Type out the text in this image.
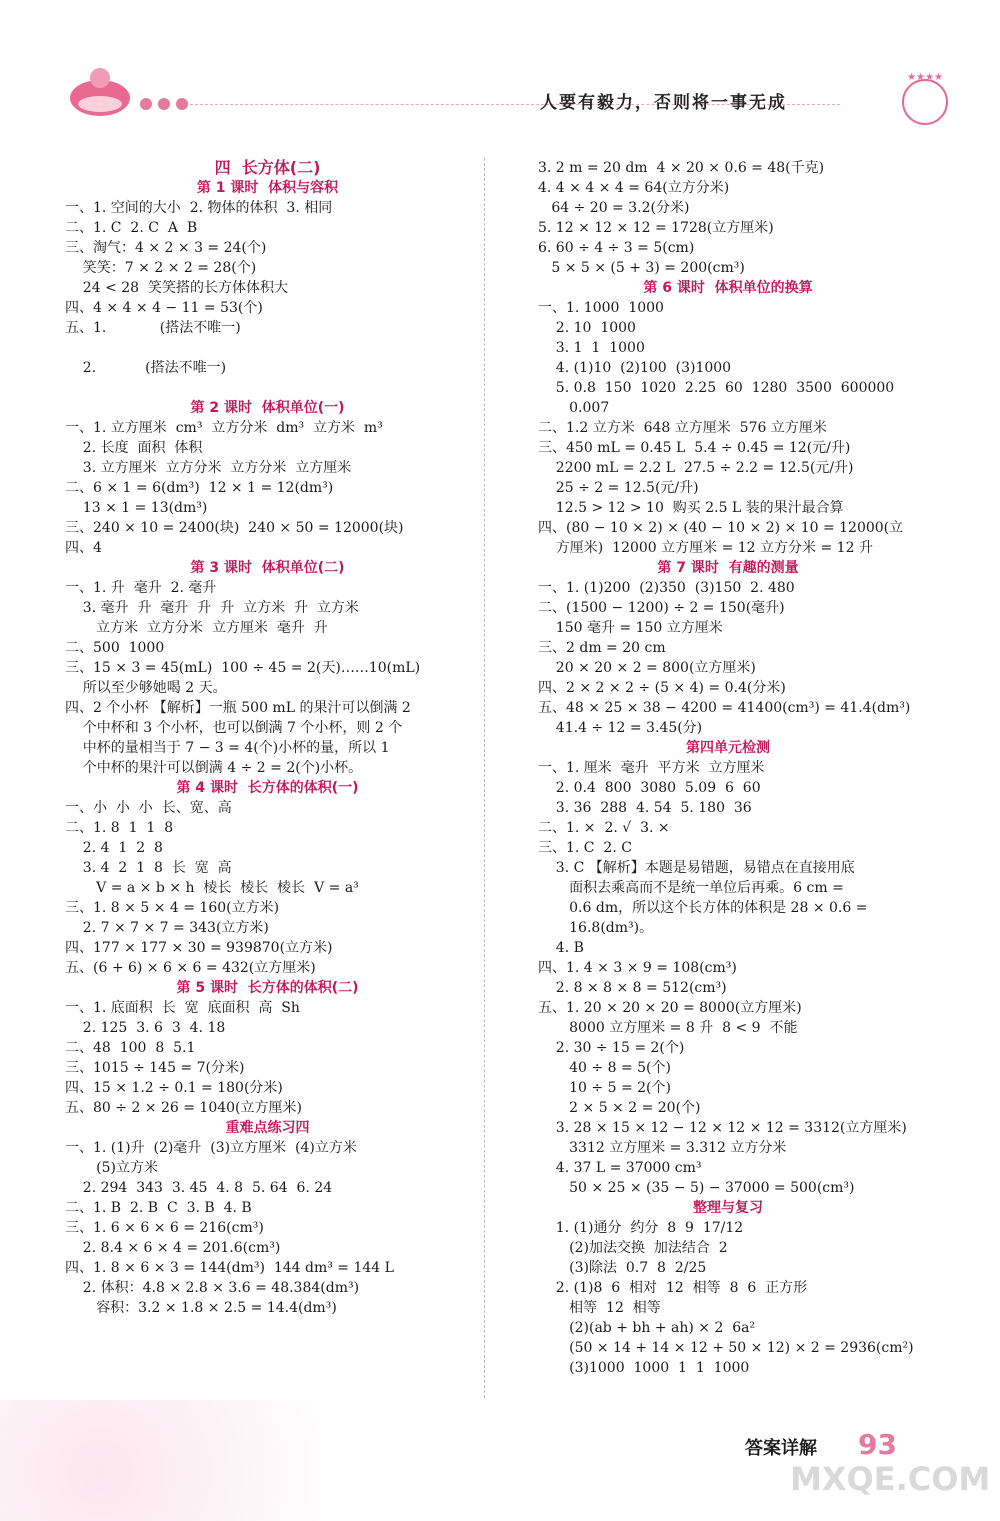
人要有毅力，否则将一事无成
★★★★
四  长方体(二)
第 1 课时  体积与容积
一、1. 空间的大小  2. 物体的体积  3. 相同
二、1. C  2. C  A  B
三、淘气：4 × 2 × 3 = 24(个)
笑笑：7 × 2 × 2 = 28(个)
24 < 28  笑笑搭的长方体体积大
四、4 × 4 × 4 − 11 = 53(个)
五、1.            (搭法不唯一)
2.           (搭法不唯一)
第 2 课时  体积单位(一)
一、1. 立方厘米  cm³  立方分米  dm³  立方米  m³
2. 长度  面积  体积
3. 立方厘米  立方分米  立方分米  立方厘米
二、6 × 1 = 6(dm³)  12 × 1 = 12(dm³)
13 × 1 = 13(dm³)
三、240 × 10 = 2400(块)  240 × 50 = 12000(块)
四、4
第 3 课时  体积单位(二)
一、1. 升  毫升  2. 毫升
3. 毫升  升  毫升  升  升  立方米  升  立方米
立方米  立方分米  立方厘米  毫升  升
二、500  1000
三、15 × 3 = 45(mL)  100 ÷ 45 = 2(天)……10(mL)
所以至少够她喝 2 天。
四、2 个小杯 【解析】一瓶 500 mL 的果汁可以倒满 2
个中杯和 3 个小杯，也可以倒满 7 个小杯，则 2 个
中杯的量相当于 7 − 3 = 4(个)小杯的量，所以 1
个中杯的果汁可以倒满 4 ÷ 2 = 2(个)小杯。
第 4 课时  长方体的体积(一)
一、小  小  小  长、宽、高
二、1. 8  1  1  8
2. 4  1  2  8
3. 4  2  1  8  长  宽  高
V = a × b × h  棱长  棱长  棱长  V = a³
三、1. 8 × 5 × 4 = 160(立方米)
2. 7 × 7 × 7 = 343(立方米)
四、177 × 177 × 30 = 939870(立方米)
五、(6 + 6) × 6 × 6 = 432(立方厘米)
第 5 课时  长方体的体积(二)
一、1. 底面积  长  宽  底面积  高  Sh
2. 125  3. 6  3  4. 18
二、48  100  8  5.1
三、1015 ÷ 145 = 7(分米)
四、15 × 1.2 ÷ 0.1 = 180(分米)
五、80 ÷ 2 × 26 = 1040(立方厘米)
重难点练习四
一、1. (1)升  (2)毫升  (3)立方厘米  (4)立方米
(5)立方米
2. 294  343  3. 45  4. 8  5. 64  6. 24
二、1. B  2. B  C  3. B  4. B
三、1. 6 × 6 × 6 = 216(cm³)
2. 8.4 × 6 × 4 = 201.6(cm³)
四、1. 8 × 6 × 3 = 144(dm³)  144 dm³ = 144 L
2. 体积：4.8 × 2.8 × 3.6 = 48.384(dm³)
容积：3.2 × 1.8 × 2.5 = 14.4(dm³)
3. 2 m = 20 dm  4 × 20 × 0.6 = 48(千克)
4. 4 × 4 × 4 = 64(立方分米)
64 ÷ 20 = 3.2(分米)
5. 12 × 12 × 12 = 1728(立方厘米)
6. 60 ÷ 4 ÷ 3 = 5(cm)
5 × 5 × (5 + 3) = 200(cm³)
第 6 课时  体积单位的换算
一、1. 1000  1000
2. 10  1000
3. 1  1  1000
4. (1)10  (2)100  (3)1000
5. 0.8  150  1020  2.25  60  1280  3500  600000
0.007
二、1.2 立方米  648 立方厘米  576 立方厘米
三、450 mL = 0.45 L  5.4 ÷ 0.45 = 12(元/升)
2200 mL = 2.2 L  27.5 ÷ 2.2 = 12.5(元/升)
25 ÷ 2 = 12.5(元/升)
12.5 > 12 > 10  购买 2.5 L 装的果汁最合算
四、(80 − 10 × 2) × (40 − 10 × 2) × 10 = 12000(立
方厘米)  12000 立方厘米 = 12 立方分米 = 12 升
第 7 课时  有趣的测量
一、1. (1)200  (2)350  (3)150  2. 480
二、(1500 − 1200) ÷ 2 = 150(毫升)
150 毫升 = 150 立方厘米
三、2 dm = 20 cm
20 × 20 × 2 = 800(立方厘米)
四、2 × 2 × 2 ÷ (5 × 4) = 0.4(分米)
五、48 × 25 × 38 − 4200 = 41400(cm³) = 41.4(dm³)
41.4 ÷ 12 = 3.45(分)
第四单元检测
一、1. 厘米  毫升  平方米  立方厘米
2. 0.4  800  3080  5.09  6  60
3. 36  288  4. 54  5. 180  36
二、1. ×  2. √  3. ×
三、1. C  2. C
3. C 【解析】本题是易错题，易错点在直接用底
面积去乘高而不是统一单位后再乘。6 cm =
0.6 dm，所以这个长方体的体积是 28 × 0.6 =
16.8(dm³)。
4. B
四、1. 4 × 3 × 9 = 108(cm³)
2. 8 × 8 × 8 = 512(cm³)
五、1. 20 × 20 × 20 = 8000(立方厘米)
8000 立方厘米 = 8 升  8 < 9  不能
2. 30 ÷ 15 = 2(个)
40 ÷ 8 = 5(个)
10 ÷ 5 = 2(个)
2 × 5 × 2 = 20(个)
3. 28 × 15 × 12 − 12 × 12 × 12 = 3312(立方厘米)
3312 立方厘米 = 3.312 立方分米
4. 37 L = 37000 cm³
50 × 25 × (35 − 5) − 37000 = 500(cm³)
整理与复习
1. (1)通分  约分  8  9  17/12
(2)加法交换  加法结合  2
(3)除法  0.7  8  2/25
2. (1)8  6  相对  12  相等  8  6  正方形
相等  12  相等
(2)(ab + bh + ah) × 2  6a²
(50 × 14 + 14 × 12 + 50 × 12) × 2 = 2936(cm²)
(3)1000  1000  1  1  1000
答案详解 93
MXQE.COM
